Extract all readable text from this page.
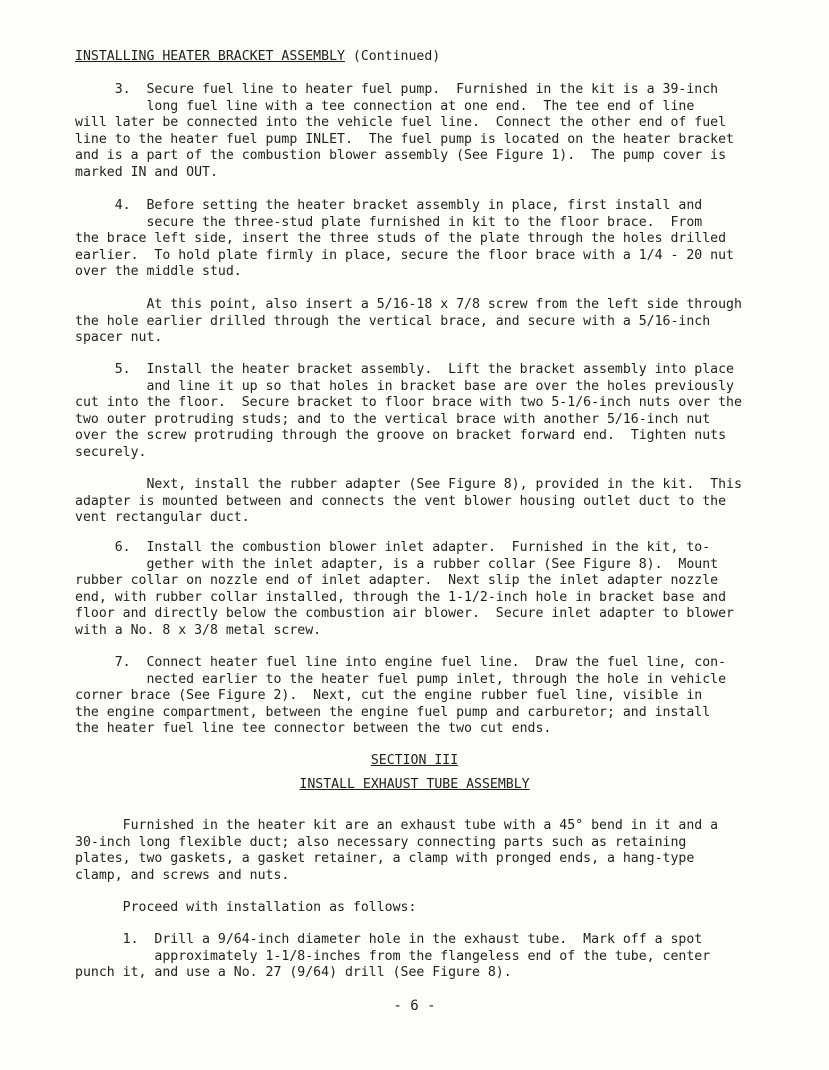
INSTALLING HEATER BRACKET ASSEMBLY (Continued)

3.  Secure fuel line to heater fuel pump.  Furnished in the kit is a 39-inch
long fuel line with a tee connection at one end.  The tee end of line
will later be connected into the vehicle fuel line.  Connect the other end of fuel
line to the heater fuel pump INLET.  The fuel pump is located on the heater bracket
and is a part of the combustion blower assembly (See Figure 1).  The pump cover is
marked IN and OUT.

4.  Before setting the heater bracket assembly in place, first install and
secure the three-stud plate furnished in kit to the floor brace.  From
the brace left side, insert the three studs of the plate through the holes drilled
earlier.  To hold plate firmly in place, secure the floor brace with a 1/4 - 20 nut
over the middle stud.

At this point, also insert a 5/16-18 x 7/8 screw from the left side through
the hole earlier drilled through the vertical brace, and secure with a 5/16-inch
spacer nut.

5.  Install the heater bracket assembly.  Lift the bracket assembly into place
and line it up so that holes in bracket base are over the holes previously
cut into the floor.  Secure bracket to floor brace with two 5-1/6-inch nuts over the
two outer protruding studs; and to the vertical brace with another 5/16-inch nut
over the screw protruding through the groove on bracket forward end.  Tighten nuts
securely.

Next, install the rubber adapter (See Figure 8), provided in the kit.  This
adapter is mounted between and connects the vent blower housing outlet duct to the
vent rectangular duct.

6.  Install the combustion blower inlet adapter.  Furnished in the kit, to-
gether with the inlet adapter, is a rubber collar (See Figure 8).  Mount
rubber collar on nozzle end of inlet adapter.  Next slip the inlet adapter nozzle
end, with rubber collar installed, through the 1-1/2-inch hole in bracket base and
floor and directly below the combustion air blower.  Secure inlet adapter to blower
with a No. 8 x 3/8 metal screw.

7.  Connect heater fuel line into engine fuel line.  Draw the fuel line, con-
nected earlier to the heater fuel pump inlet, through the hole in vehicle
corner brace (See Figure 2).  Next, cut the engine rubber fuel line, visible in
the engine compartment, between the engine fuel pump and carburetor; and install
the heater fuel line tee connector between the two cut ends.

SECTION III
INSTALL EXHAUST TUBE ASSEMBLY

Furnished in the heater kit are an exhaust tube with a 45° bend in it and a
30-inch long flexible duct; also necessary connecting parts such as retaining
plates, two gaskets, a gasket retainer, a clamp with pronged ends, a hang-type
clamp, and screws and nuts.

Proceed with installation as follows:

1.  Drill a 9/64-inch diameter hole in the exhaust tube.  Mark off a spot
approximately 1-1/8-inches from the flangeless end of the tube, center
punch it, and use a No. 27 (9/64) drill (See Figure 8).

- 6 -
